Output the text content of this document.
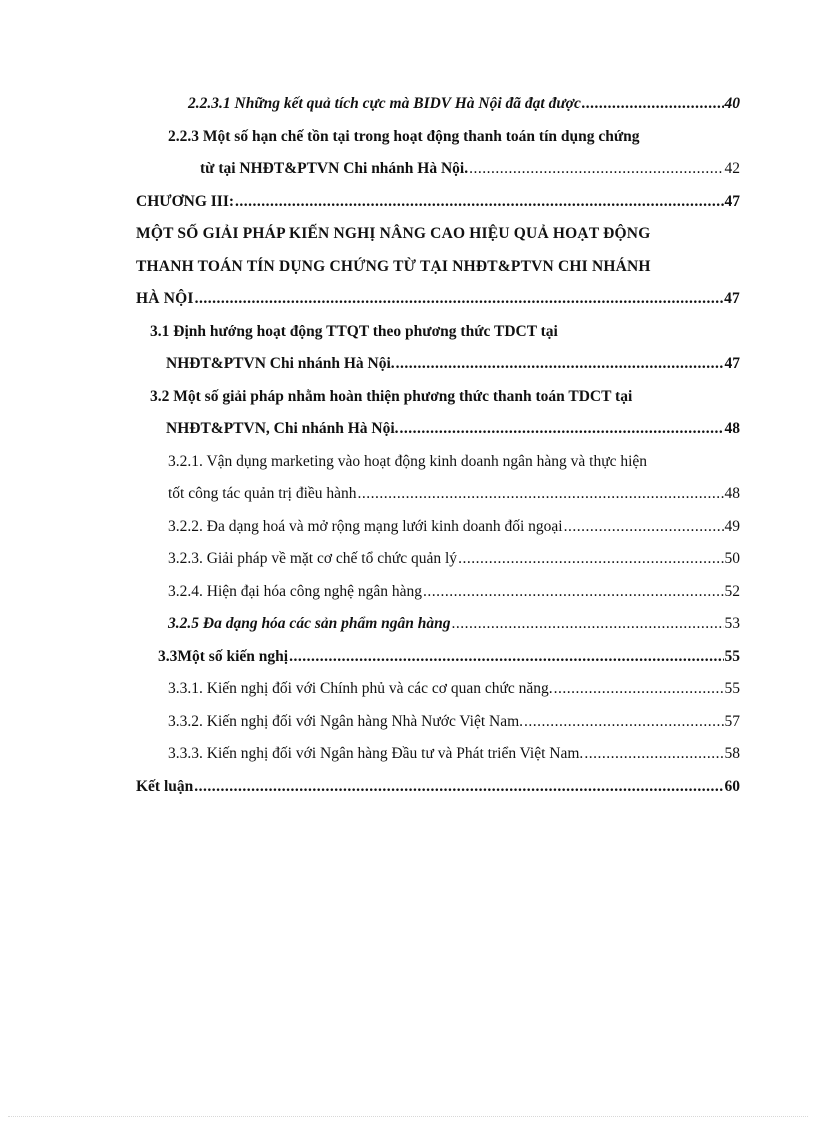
2.2.3.1 Những kết quả tích cực mà BIDV Hà Nội đã đạt được .....	40
2.2.3 Một số hạn chế tồn tại trong hoạt động thanh toán tín dụng chứng
từ tại NHĐT&PTVN Chi nhánh Hà Nội. .....	42
CHƯƠNG III: .....	47
MỘT SỐ GIẢI PHÁP KIẾN NGHỊ NÂNG CAO HIỆU QUẢ HOẠT ĐỘNG
THANH TOÁN TÍN DỤNG CHỨNG TỪ TẠI NHĐT&PTVN CHI NHÁNH
HÀ NỘI .....	47
3.1 Định hướng hoạt động TTQT theo phương thức TDCT tại
NHĐT&PTVN Chi nhánh Hà Nội. .....	47
3.2 Một số giải pháp nhằm hoàn thiện phương thức thanh toán TDCT tại
NHĐT&PTVN, Chi nhánh Hà Nội. .....	48
3.2.1. Vận dụng marketing vào hoạt động kinh doanh ngân hàng và thực hiện
tốt công tác quản trị điều hành .....	48
3.2.2. Đa dạng hoá và mở rộng mạng lưới kinh doanh đối ngoại .....	49
3.2.3. Giải pháp về mặt cơ chế tổ chức quản lý .....	50
3.2.4. Hiện đại hóa công nghệ ngân hàng .....	52
3.2.5 Đa dạng hóa các sản phẩm ngân hàng .....	53
3.3Một số kiến nghị .....	55
3.3.1. Kiến nghị đối với Chính phủ và các cơ quan chức năng. .....	55
3.3.2. Kiến nghị đối với Ngân hàng Nhà Nước Việt Nam. .....	57
3.3.3. Kiến nghị đối với Ngân hàng Đầu tư và Phát triển Việt Nam. .....	58
Kết luận .....	60
